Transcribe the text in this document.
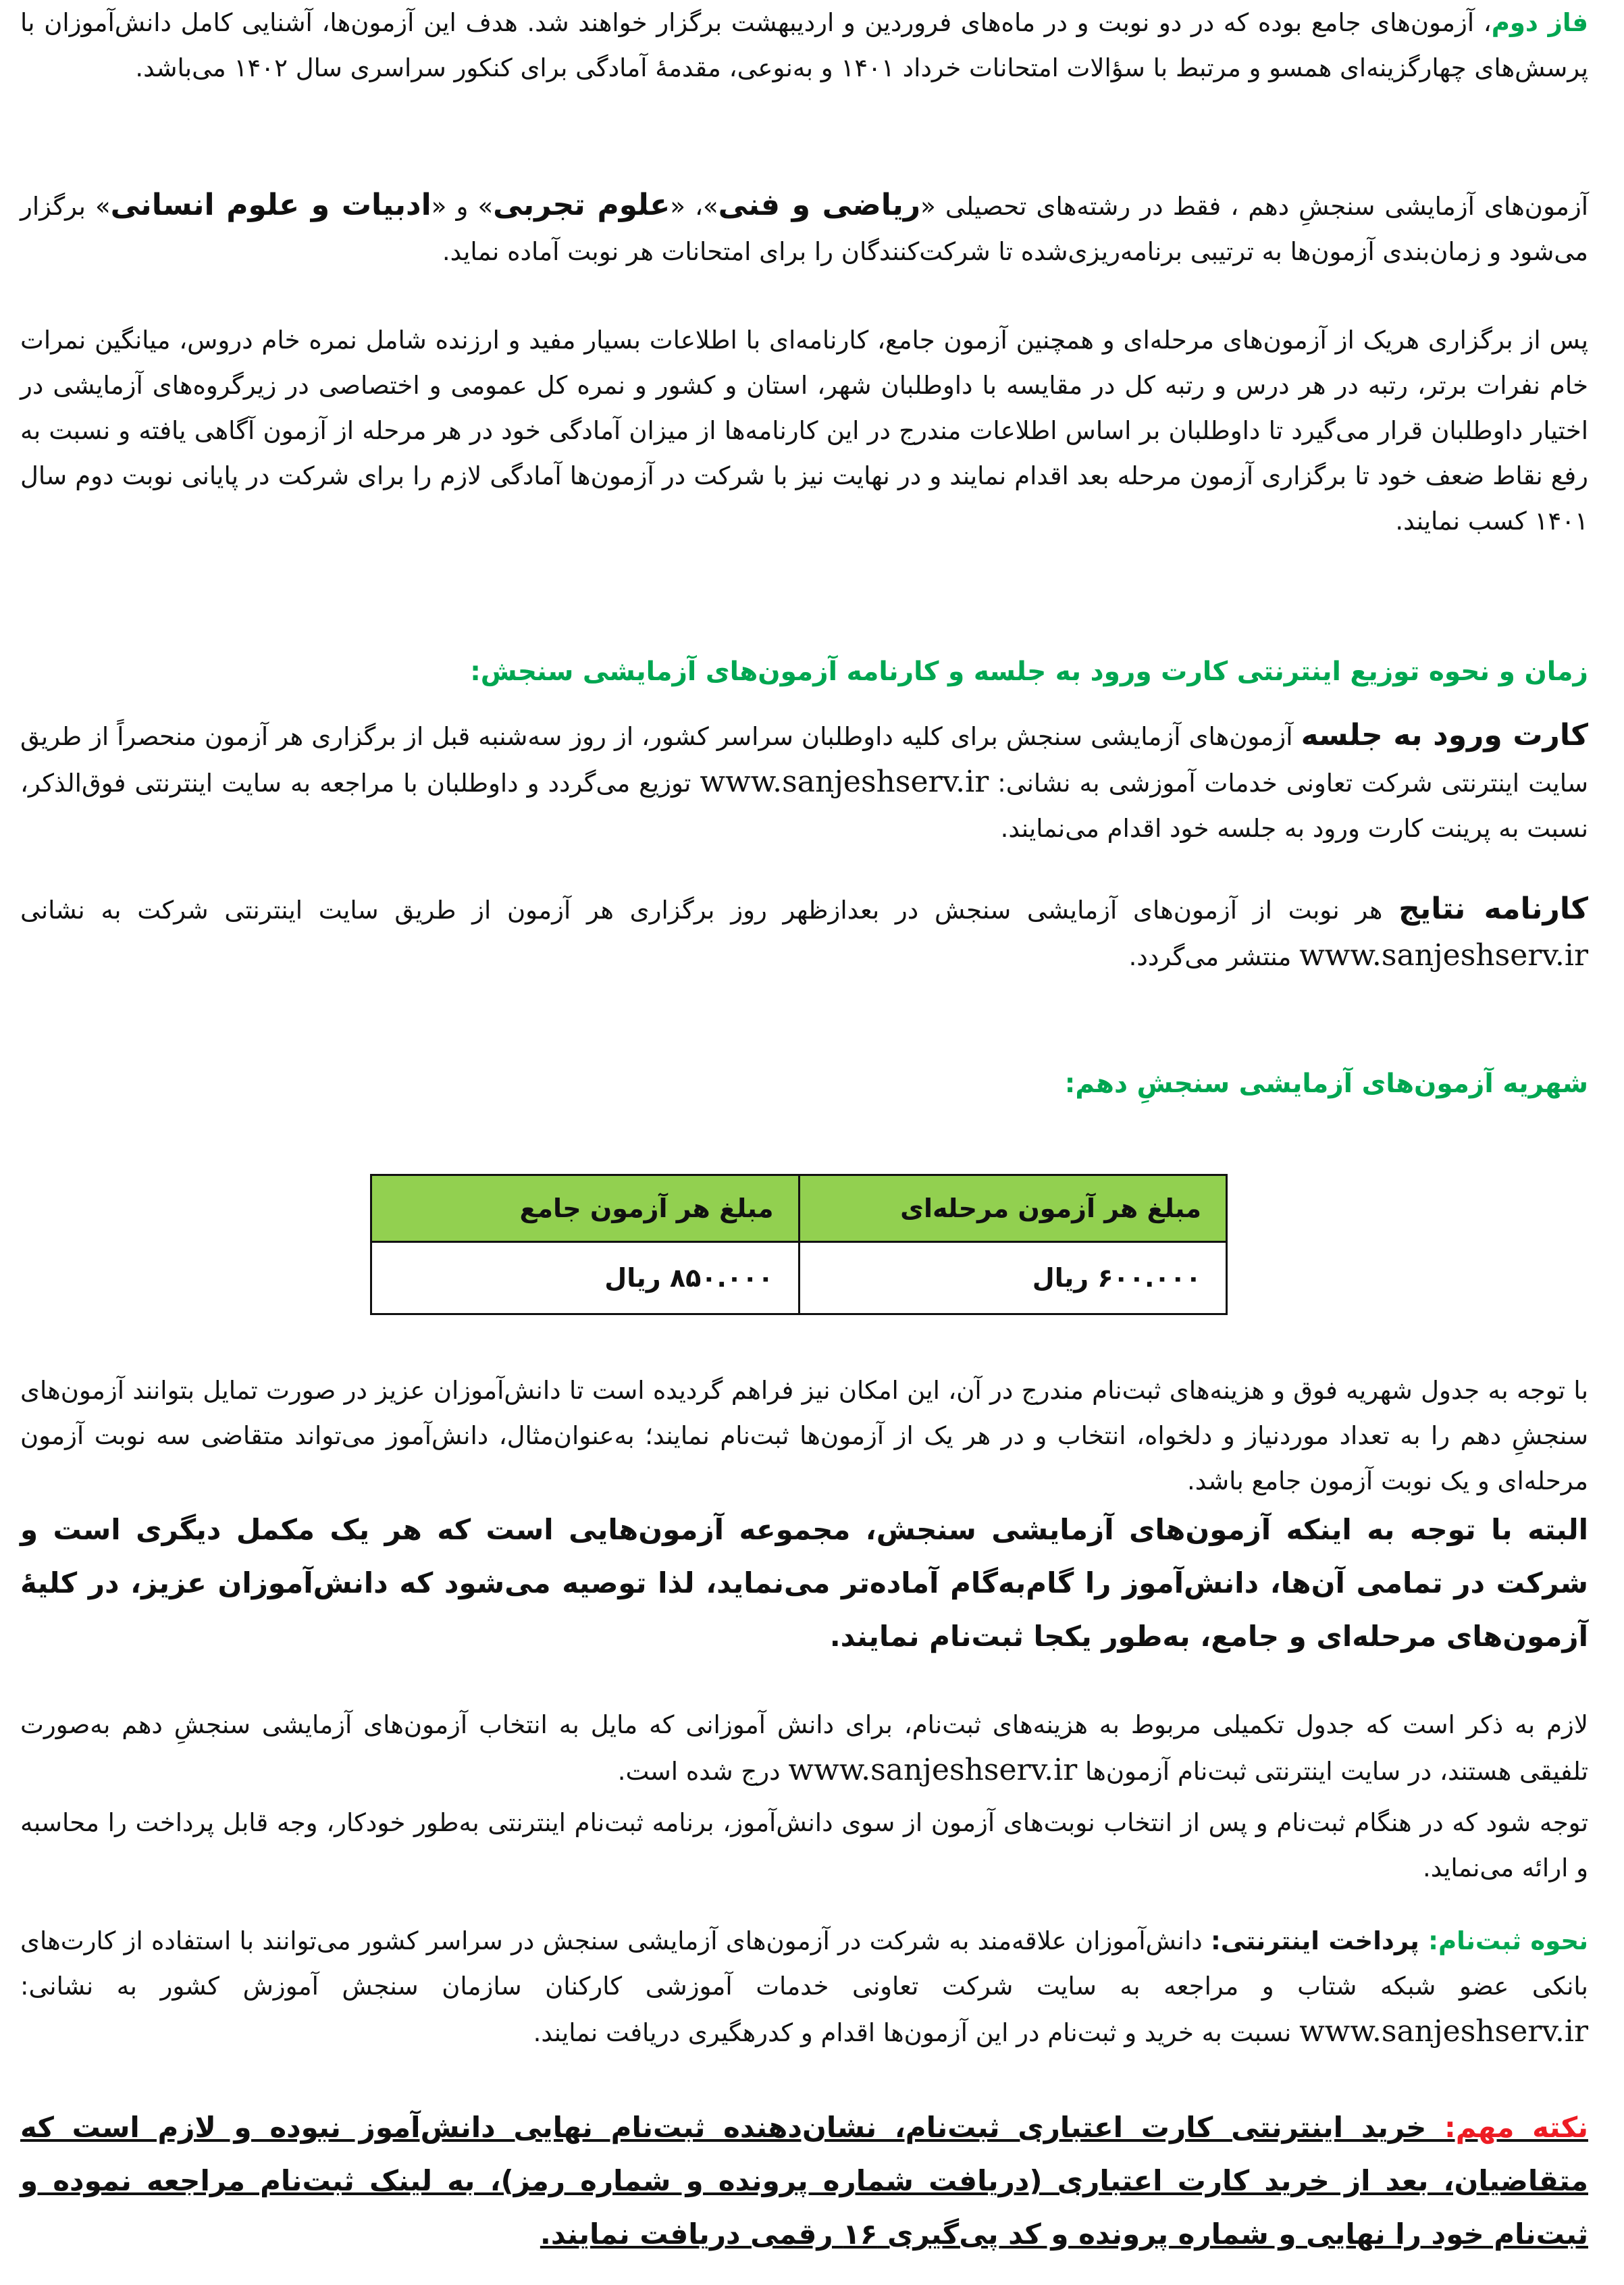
فاز دوم، آزمون‌های جامع بوده که در دو نوبت و در ماه‌های فروردین و اردیبهشت برگزار خواهند شد. هدف این آزمون‌ها، آشنایی کامل دانش‌آموزان با پرسش‌های چهارگزینه‌ای همسو و مرتبط با سؤالات امتحانات خرداد ۱۴۰۱ و به‌نوعی، مقدمهٔ آمادگی برای کنکور سراسری سال ۱۴۰۲ می‌باشد.

آزمون‌های آزمایشی سنجشِ دهم ، فقط در رشته‌های تحصیلی «ریاضی و فنی»، «علوم تجربی» و «ادبیات و علوم انسانی» برگزار می‌شود و زمان‌بندی آزمون‌ها به ترتیبی برنامه‌ریزی‌شده تا شرکت‌کنندگان را برای امتحانات هر نوبت آماده نماید.

پس از برگزاری هریک از آزمون‌های مرحله‌ای و همچنین آزمون جامع، کارنامه‌ای با اطلاعات بسیار مفید و ارزنده شامل نمره خام دروس، میانگین نمرات خام نفرات برتر، رتبه در هر درس و رتبه کل در مقایسه با داوطلبان شهر، استان و کشور و نمره کل عمومی و اختصاصی در زیرگروه‌های آزمایشی در اختیار داوطلبان قرار می‌گیرد تا داوطلبان بر اساس اطلاعات مندرج در این کارنامه‌ها از میزان آمادگی خود در هر مرحله از آزمون آگاهی یافته و نسبت به رفع نقاط ضعف خود تا برگزاری آزمون مرحله بعد اقدام نمایند و در نهایت نیز با شرکت در آزمون‌ها آمادگی لازم را برای شرکت در پایانی نوبت دوم سال ۱۴۰۱ کسب نمایند.

زمان و نحوه توزیع اینترنتی کارت ورود به جلسه و کارنامه آزمون‌های آزمایشی سنجش:

کارت ورود به جلسه آزمون‌های آزمایشی سنجش برای کلیه داوطلبان سراسر کشور، از روز سه‌شنبه قبل از برگزاری هر آزمون منحصراً از طریق سایت اینترنتی شرکت تعاونی خدمات آموزشی به نشانی: www.sanjeshserv.ir توزیع می‌گردد و داوطلبان با مراجعه به سایت اینترنتی فوق‌الذکر، نسبت به پرینت کارت ورود به جلسه خود اقدام می‌نمایند.

کارنامه نتایج هر نوبت از آزمون‌های آزمایشی سنجش در بعدازظهر روز برگزاری هر آزمون از طریق سایت اینترنتی شرکت به نشانی www.sanjeshserv.ir منتشر می‌گردد.

شهریه آزمون‌های آزمایشی سنجشِ دهم:
مبلغ هر آزمون مرحله‌ای	مبلغ هر آزمون جامع
۶۰۰.۰۰۰ ریال	۸۵۰.۰۰۰ ریال

با توجه به جدول شهریه فوق و هزینه‌های ثبت‌نام مندرج در آن، این امکان نیز فراهم گردیده است تا دانش‌آموزان عزیز در صورت تمایل بتوانند آزمون‌های سنجشِ دهم را به تعداد موردنیاز و دلخواه، انتخاب و در هر یک از آزمون‌ها ثبت‌نام نمایند؛ به‌عنوان‌مثال، دانش‌آموز می‌تواند متقاضی سه نوبت آزمون مرحله‌ای و یک نوبت آزمون جامع باشد.

البته با توجه به اینکه آزمون‌های آزمایشی سنجش، مجموعه آزمون‌هایی است که هر یک مکمل دیگری است و شرکت در تمامی آن‌ها، دانش‌آموز را گام‌به‌گام آماده‌تر می‌نماید، لذا توصیه می‌شود که دانش‌آموزان عزیز، در کلیهٔ آزمون‌های مرحله‌ای و جامع، به‌طور یکجا ثبت‌نام نمایند.

لازم به ذکر است که جدول تکمیلی مربوط به هزینه‌های ثبت‌نام، برای دانش آموزانی که مایل به انتخاب آزمون‌های آزمایشی سنجشِ دهم به‌صورت تلفیقی هستند، در سایت اینترنتی ثبت‌نام آزمون‌ها www.sanjeshserv.ir درج شده است.

توجه شود که در هنگام ثبت‌نام و پس از انتخاب نوبت‌های آزمون از سوی دانش‌آموز، برنامه ثبت‌نام اینترنتی به‌طور خودکار، وجه قابل پرداخت را محاسبه و ارائه می‌نماید.

نحوه ثبت‌نام: پرداخت اینترنتی: دانش‌آموزان علاقه‌مند به شرکت در آزمون‌های آزمایشی سنجش در سراسر کشور می‌توانند با استفاده از کارت‌های بانکی عضو شبکه شتاب و مراجعه به سایت شرکت تعاونی خدمات آموزشی کارکنان سازمان سنجش آموزش کشور به نشانی: www.sanjeshserv.ir نسبت به خرید و ثبت‌نام در این آزمون‌ها اقدام و کدرهگیری دریافت نمایند.

نکته مهم: خرید اینترنتی کارت اعتباری ثبت‌نام، نشان‌دهنده ثبت‌نام نهایی دانش‌آموز نبوده و لازم است که متقاضیان، بعد از خرید کارت اعتباری (دریافت شماره پرونده و شماره رمز)، به لینک ثبت‌نام مراجعه نموده و ثبت‌نام خود را نهایی و شماره پرونده و کد پی‌گیری ۱۶ رقمی دریافت نمایند.
